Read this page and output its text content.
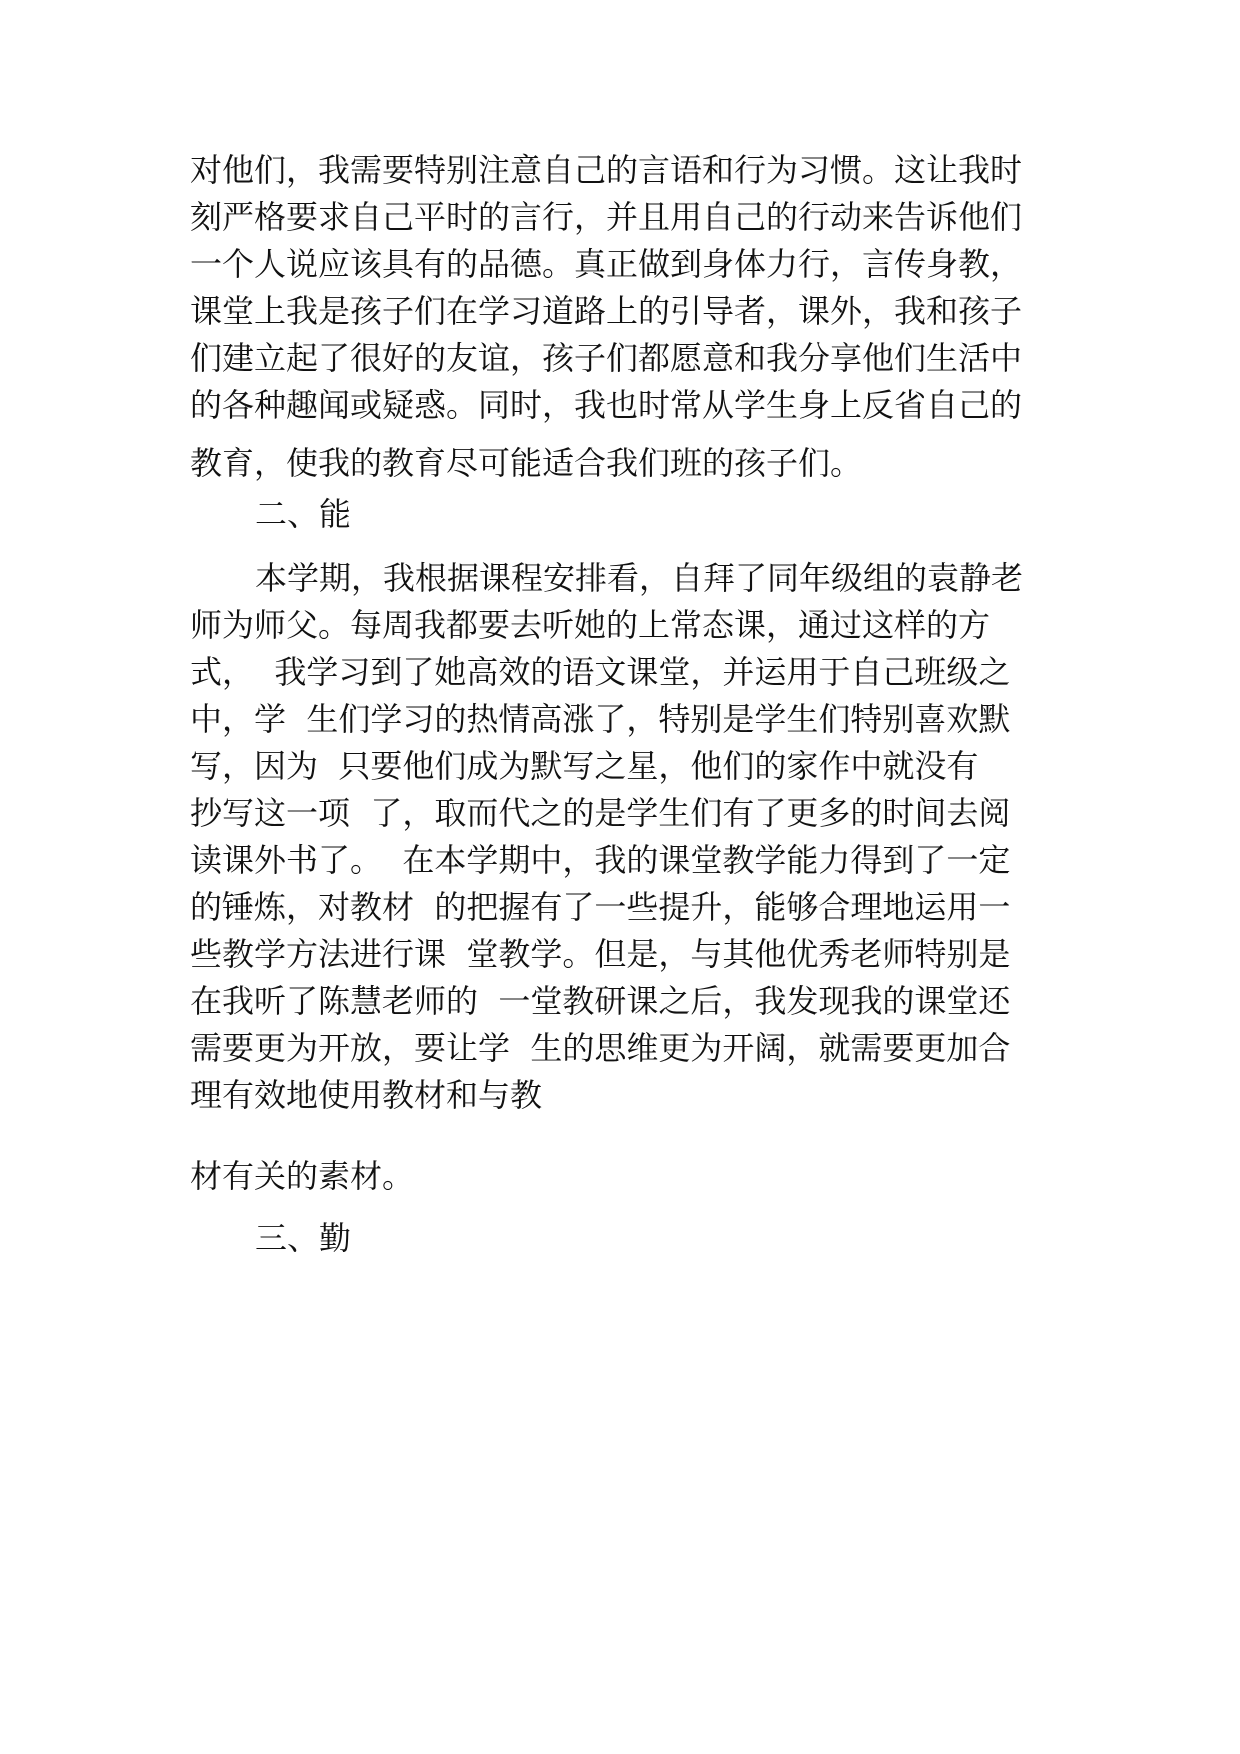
对他们，我需要特别注意自己的言语和行为习惯。这让我时
刻严格要求自己平时的言行，并且用自己的行动来告诉他们
一个人说应该具有的品德。真正做到身体力行，言传身教，
课堂上我是孩子们在学习道路上的引导者，课外，我和孩子
们建立起了很好的友谊，孩子们都愿意和我分享他们生活中
的各种趣闻或疑惑。同时，我也时常从学生身上反省自己的
教育，使我的教育尽可能适合我们班的孩子们。
二、能
本学期，我根据课程安排看，自拜了同年级组的袁静老
师为师父。每周我都要去听她的上常态课，通过这样的方
式，  我学习到了她高效的语文课堂，并运用于自己班级之
中，学  生们学习的热情高涨了，特别是学生们特别喜欢默
写，因为  只要他们成为默写之星，他们的家作中就没有
抄写这一项  了，取而代之的是学生们有了更多的时间去阅
读课外书了。  在本学期中，我的课堂教学能力得到了一定
的锤炼，对教材  的把握有了一些提升，能够合理地运用一
些教学方法进行课  堂教学。但是，与其他优秀老师特别是
在我听了陈慧老师的  一堂教研课之后，我发现我的课堂还
需要更为开放，要让学  生的思维更为开阔，就需要更加合
理有效地使用教材和与教
材有关的素材。
三、勤
